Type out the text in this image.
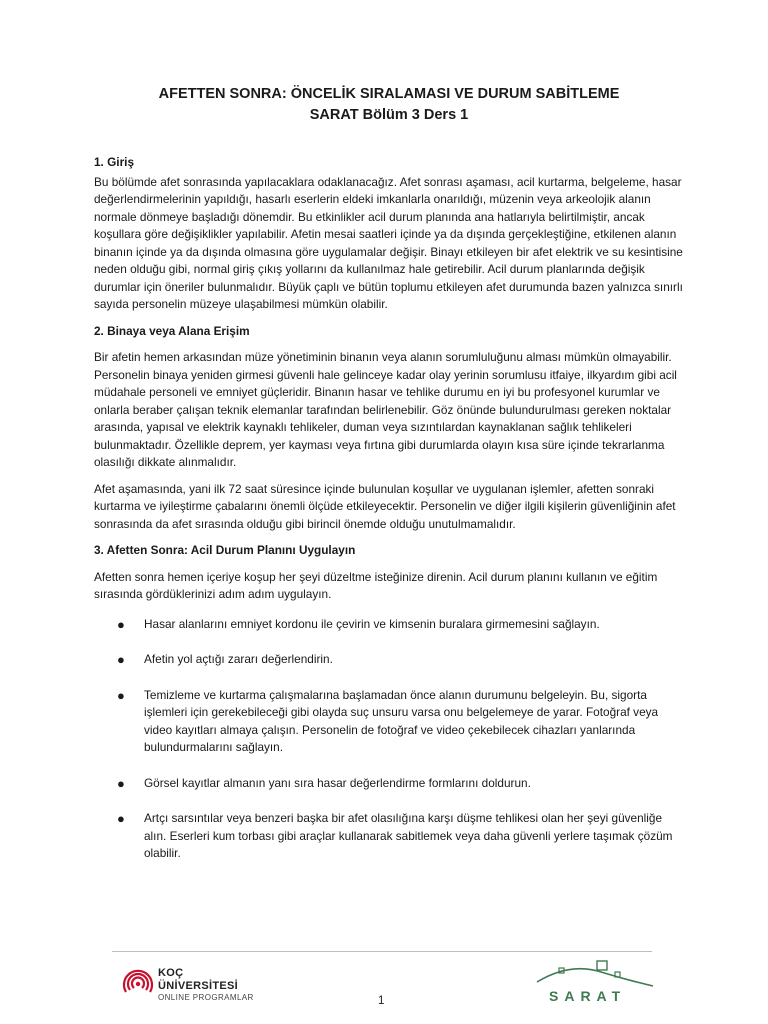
AFETTEN SONRA: ÖNCELİK SIRALAMASI VE DURUM SABİTLEME
SARAT Bölüm 3 Ders 1
1. Giriş

Bu bölümde afet sonrasında yapılacaklara odaklanacağız. Afet sonrası aşaması, acil kurtarma, belgeleme, hasar değerlendirmelerinin yapıldığı, hasarlı eserlerin eldeki imkanlarla onarıldığı, müzenin veya arkeolojik alanın normale dönmeye başladığı dönemdir. Bu etkinlikler acil durum planında ana hatlarıyla belirtilmiştir, ancak koşullara göre değişiklikler yapılabilir. Afetin mesai saatleri içinde ya da dışında gerçekleştiğine, etkilenen alanın binanın içinde ya da dışında olmasına göre uygulamalar değişir. Binayı etkileyen bir afet elektrik ve su kesintisine neden olduğu gibi, normal giriş çıkış yollarını da kullanılmaz hale getirebilir. Acil durum planlarında değişik durumlar için öneriler bulunmalıdır. Büyük çaplı ve bütün toplumu etkileyen afet durumunda bazen yalnızca sınırlı sayıda personelin müzeye ulaşabilmesi mümkün olabilir.

2. Binaya veya Alana Erişim

Bir afetin hemen arkasından müze yönetiminin binanın veya alanın sorumluluğunu alması mümkün olmayabilir. Personelin binaya yeniden girmesi güvenli hale gelinceye kadar olay yerinin sorumlusu itfaiye, ilkyardım gibi acil müdahale personeli ve emniyet güçleridir. Binanın hasar ve tehlike durumu en iyi bu profesyonel kurumlar ve onlarla beraber çalışan teknik elemanlar tarafından belirlenebilir. Göz önünde bulundurulması gereken noktalar arasında, yapısal ve elektrik kaynaklı tehlikeler, duman veya sızıntılardan kaynaklanan sağlık tehlikeleri bulunmaktadır. Özellikle deprem, yer kayması veya fırtına gibi durumlarda olayın kısa süre içinde tekrarlanma olasılığı dikkate alınmalıdır.

Afet aşamasında, yani ilk 72 saat süresince içinde bulunulan koşullar ve uygulanan işlemler, afetten sonraki kurtarma ve iyileştirme çabalarını önemli ölçüde etkileyecektir. Personelin ve diğer ilgili kişilerin güvenliğinin afet sonrasında da afet sırasında olduğu gibi birincil önemde olduğu unutulmamalıdır.

3. Afetten Sonra: Acil Durum Planını Uygulayın

Afetten sonra hemen içeriye koşup her şeyi düzeltme isteğinize direnin. Acil durum planını kullanın ve eğitim sırasında gördüklerinizi adım adım uygulayın.

● Hasar alanlarını emniyet kordonu ile çevirin ve kimsenin buralara girmemesini sağlayın.
● Afetin yol açtığı zararı değerlendirin.
● Temizleme ve kurtarma çalışmalarına başlamadan önce alanın durumunu belgeleyin. Bu, sigorta işlemleri için gerekebileceği gibi olayda suç unsuru varsa onu belgelemeye de yarar. Fotoğraf veya video kayıtları almaya çalışın. Personelin de fotoğraf ve video çekebilecek cihazları yanlarında bulundurmalarını sağlayın.
● Görsel kayıtlar almanın yanı sıra hasar değerlendirme formlarını doldurun.
● Artçı sarsıntılar veya benzeri başka bir afet olasılığına karşı düşme tehlikesi olan her şeyi güvenliğe alın. Eserleri kum torbası gibi araçlar kullanarak sabitlemek veya daha güvenli yerlere taşımak çözüm olabilir.
KOÇ
ÜNİVERSİTESİ
ONLINE PROGRAMLAR	1	SARAT
